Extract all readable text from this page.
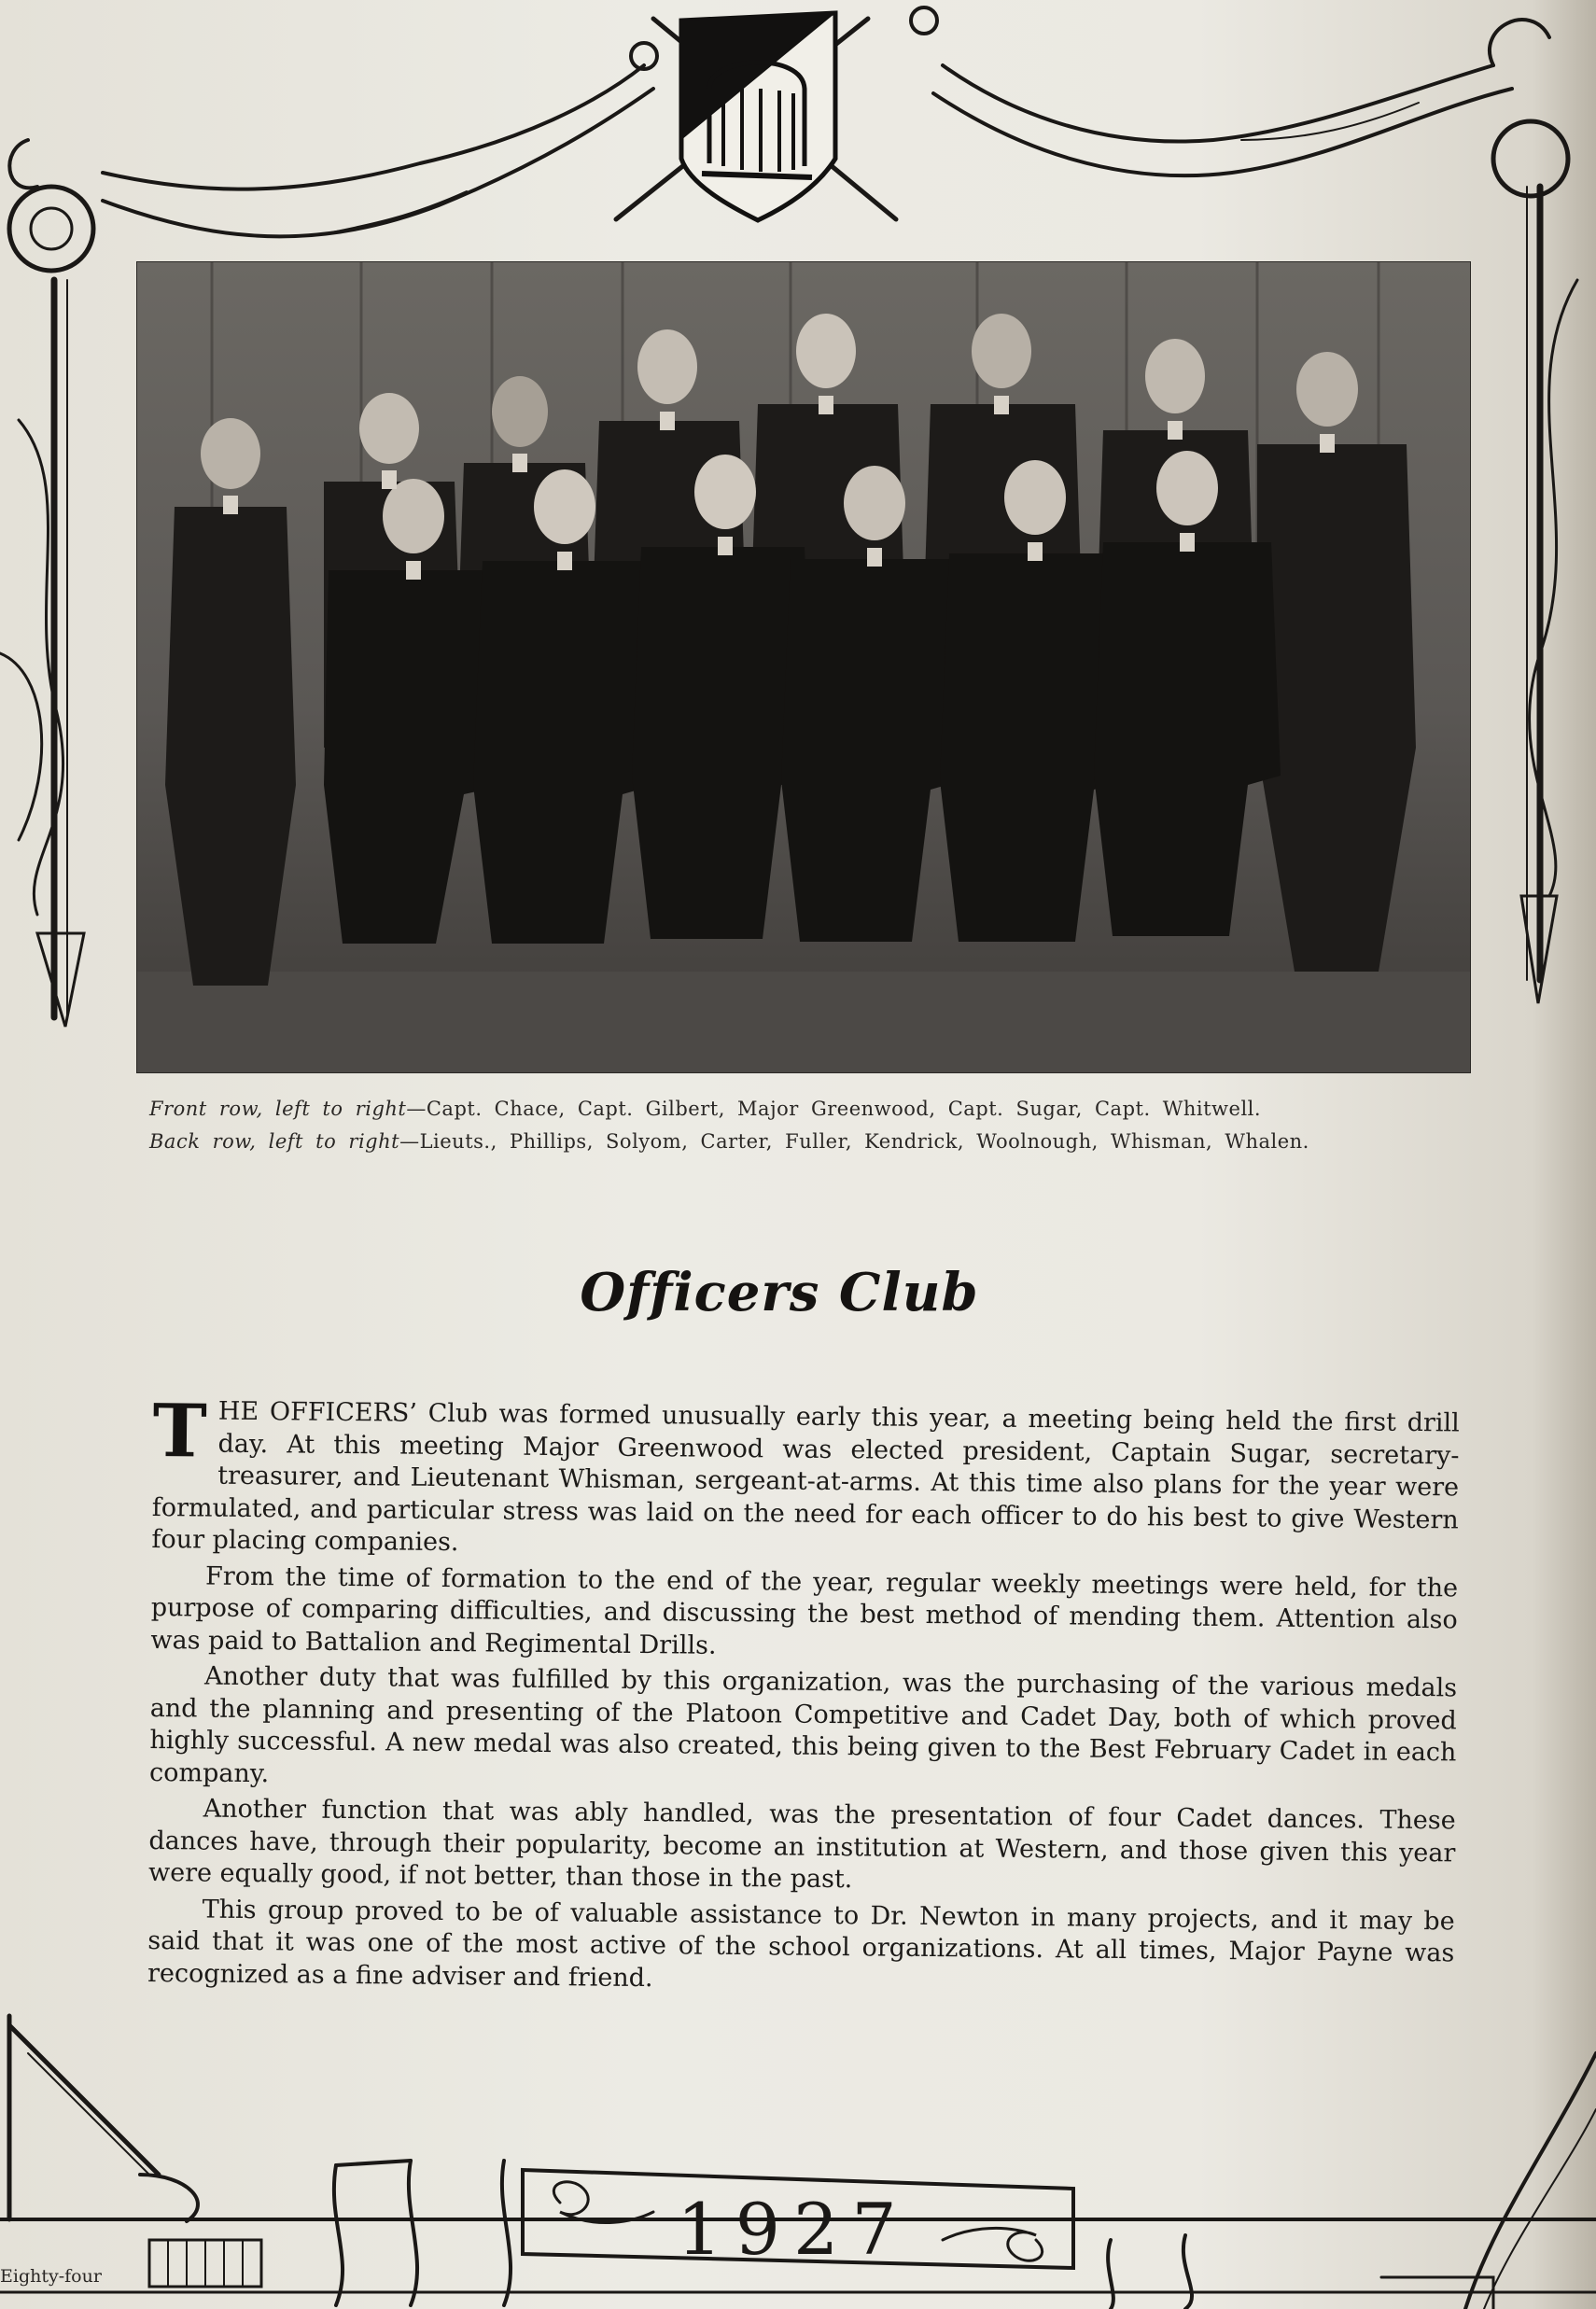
Front row, left to right—Capt. Chace, Capt. Gilbert, Major Greenwood, Capt. Sugar, Capt. Whitwell.
Back row, left to right—Lieuts., Phillips, Solyom, Carter, Fuller, Kendrick, Woolnough, Whisman, Whalen.
Officers Club

THE OFFICERS’ Club was formed unusually early this year, a meeting being held the first drill day. At this meeting Major Greenwood was elected president, Captain Sugar, secretary-treasurer, and Lieutenant Whisman, sergeant-at-arms. At this time also plans for the year were formulated, and particular stress was laid on the need for each officer to do his best to give Western four placing companies.

From the time of formation to the end of the year, regular weekly meetings were held, for the purpose of comparing difficulties, and discussing the best method of mending them. Attention also was paid to Battalion and Regimental Drills.

Another duty that was fulfilled by this organization, was the purchasing of the various medals and the planning and presenting of the Platoon Competitive and Cadet Day, both of which proved highly successful. A new medal was also created, this being given to the Best February Cadet in each company.

Another function that was ably handled, was the presentation of four Cadet dances. These dances have, through their popularity, become an institution at Western, and those given this year were equally good, if not better, than those in the past.

This group proved to be of valuable assistance to Dr. Newton in many projects, and it may be said that it was one of the most active of the school organizations. At all times, Major Payne was recognized as a fine adviser and friend.

1927
Eighty-four
